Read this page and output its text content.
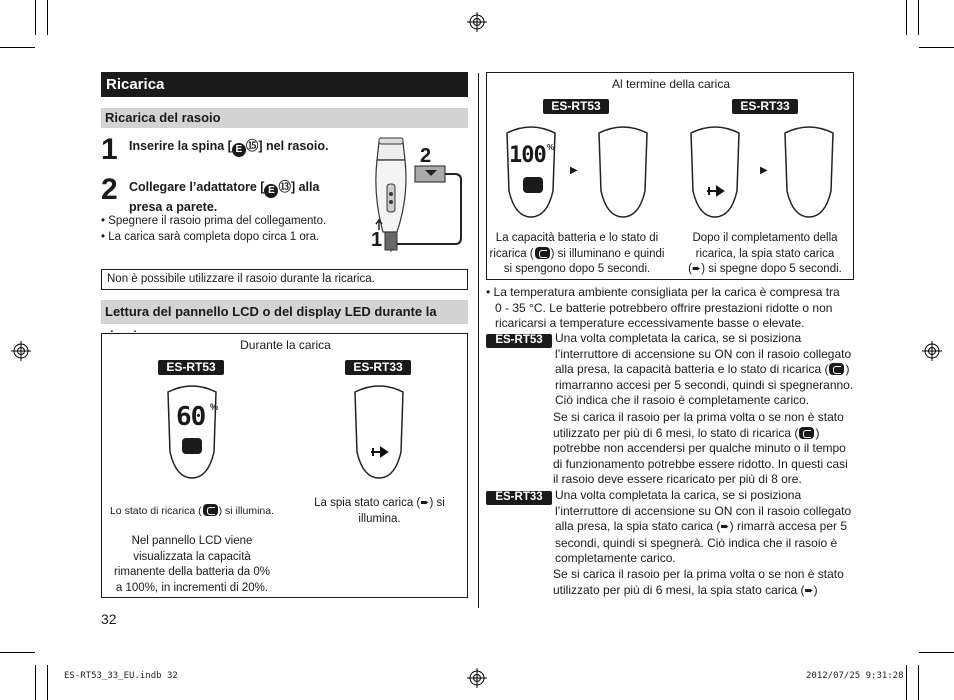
Ricarica
Ricarica del rasoio
1 Inserire la spina [ E ⑮] nel rasoio.
2 Collegare l’adattatore [ E ⑬] alla
presa a parete.
• Spegnere il rasoio prima del collegamento.
• La carica sarà completa dopo circa 1 ora.	1
2
Non è possibile utilizzare il rasoio durante la ricarica.
Lettura del pannello LCD o del display LED durante la
Durante la carica
ES-RT53	ES-RT33
60 %
Lo stato di ricarica ( ) si illumina.
La spia stato carica (➨) si
illumina.
Nel pannello LCD viene
visualizzata la capacità
rimanente della batteria da 0%
a 100%, in incrementi di 20%.
32
Al termine della carica
ES-RT53	ES-RT33
100 %
▶	▶
La capacità batteria e lo stato di
ricarica ( ) si illuminano e quindi
si spengono dopo 5 secondi.
Dopo il completamento della
ricarica, la spia stato carica
(➨) si spegne dopo 5 secondi.
• La temperatura ambiente consigliata per la carica è compresa tra
0 - 35 °C. Le batterie potrebbero offrire prestazioni ridotte o non
ricaricarsi a temperature eccessivamente basse o elevate.
ES-RT53	Una volta completata la carica, se si posiziona
l’interruttore di accensione su ON con il rasoio collegato
alla presa, la capacità batteria e lo stato di ricarica ( )
rimarranno accesi per 5 secondi, quindi si spegneranno.
Ciò indica che il rasoio è completamente carico.
Se si carica il rasoio per la prima volta o se non è stato
utilizzato per più di 6 mesi, lo stato di ricarica ( )
potrebbe non accendersi per qualche minuto o il tempo
di funzionamento potrebbe essere ridotto. In questi casi
il rasoio deve essere ricaricato per più di 8 ore.
ES-RT33	Una volta completata la carica, se si posiziona
l’interruttore di accensione su ON con il rasoio collegato
alla presa, la spia stato carica (➨) rimarrà accesa per 5
secondi, quindi si spegnerà. Ciò indica che il rasoio è
completamente carico.
Se si carica il rasoio per la prima volta o se non è stato
utilizzato per più di 6 mesi, la spia stato carica (➨)
ES-RT53_33_EU.indb 32	2012/07/25 9:31:28
